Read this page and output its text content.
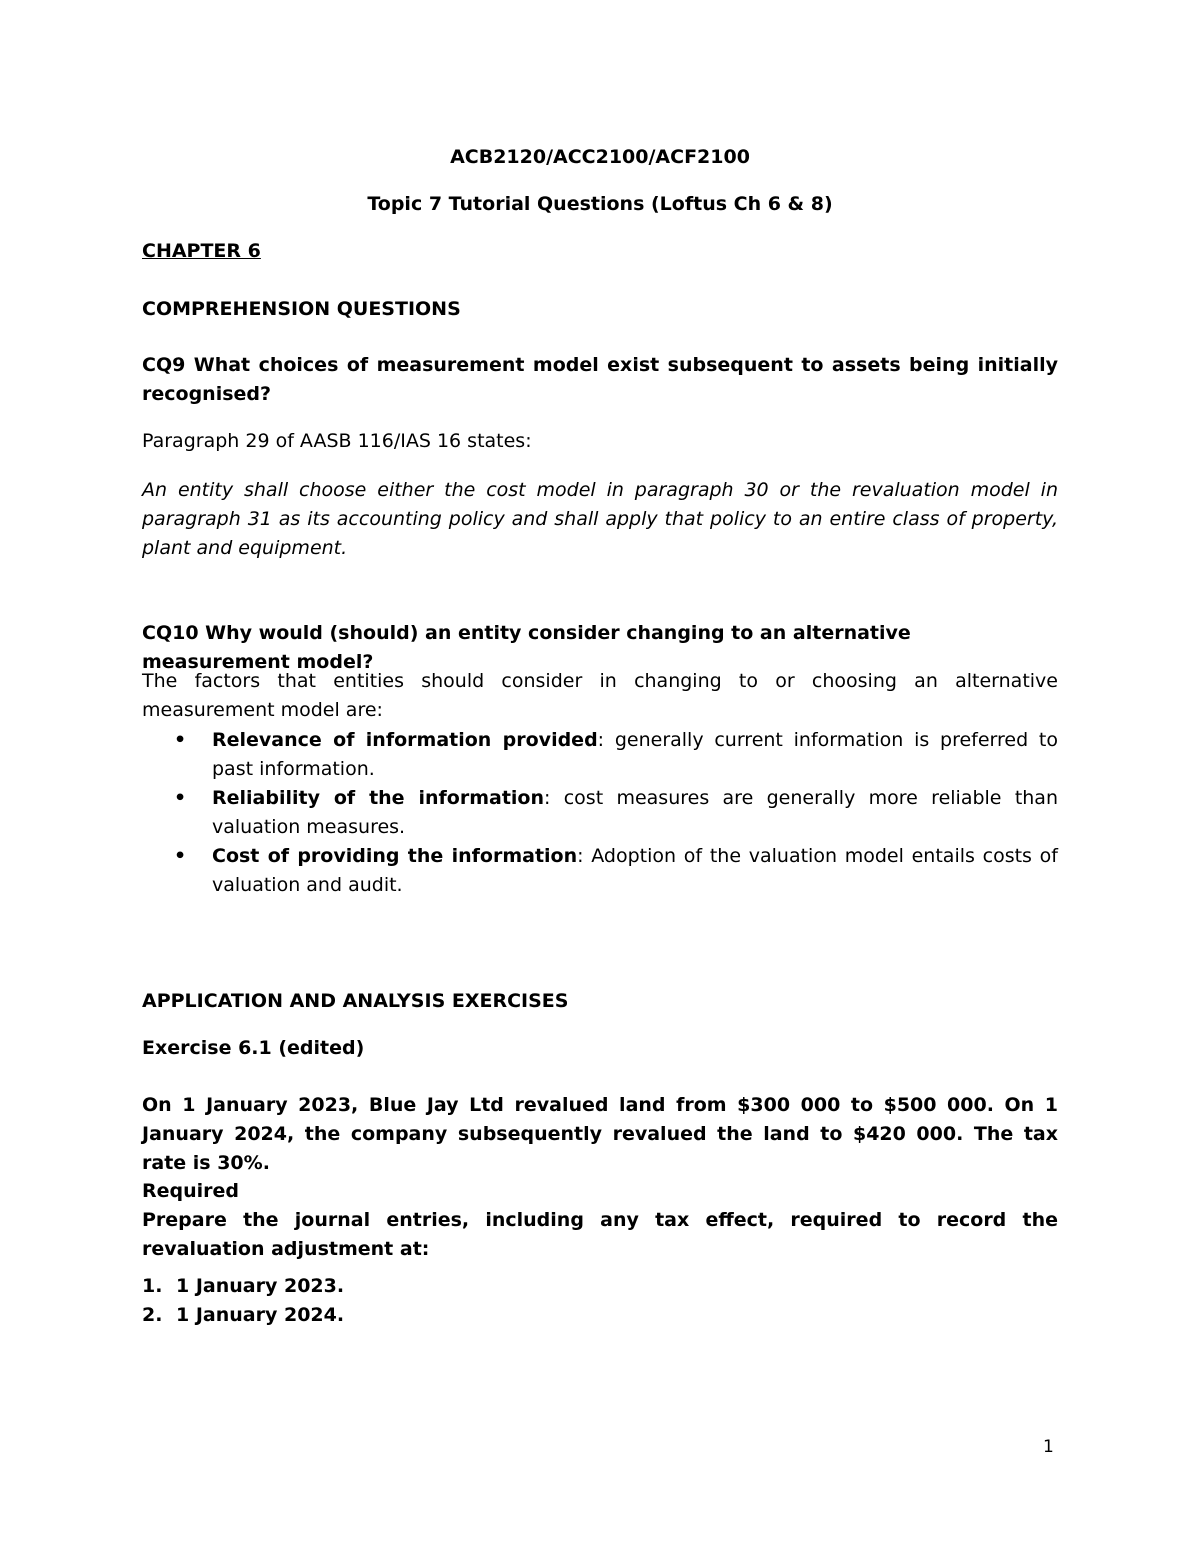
ACB2120/ACC2100/ACF2100

Topic 7 Tutorial Questions (Loftus Ch 6 & 8)

CHAPTER 6

COMPREHENSION QUESTIONS

CQ9 What choices of measurement model exist subsequent to assets being initially recognised?

Paragraph 29 of AASB 116/IAS 16 states:

An entity shall choose either the cost model in paragraph 30 or the revaluation model in paragraph 31 as its accounting policy and shall apply that policy to an entire class of property, plant and equipment.

CQ10 Why would (should) an entity consider changing to an alternative measurement model?

The factors that entities should consider in changing to or choosing an alternative measurement model are:

• Relevance of information provided: generally current information is preferred to past information.
• Reliability of the information: cost measures are generally more reliable than valuation measures.
• Cost of providing the information: Adoption of the valuation model entails costs of valuation and audit.

APPLICATION AND ANALYSIS EXERCISES

Exercise 6.1 (edited)

On 1 January 2023, Blue Jay Ltd revalued land from $300 000 to $500 000. On 1 January 2024, the company subsequently revalued the land to $420 000. The tax rate is 30%.

Required

Prepare the journal entries, including any tax effect, required to record the revaluation adjustment at:

1. 1 January 2023.
2. 1 January 2024.

1
